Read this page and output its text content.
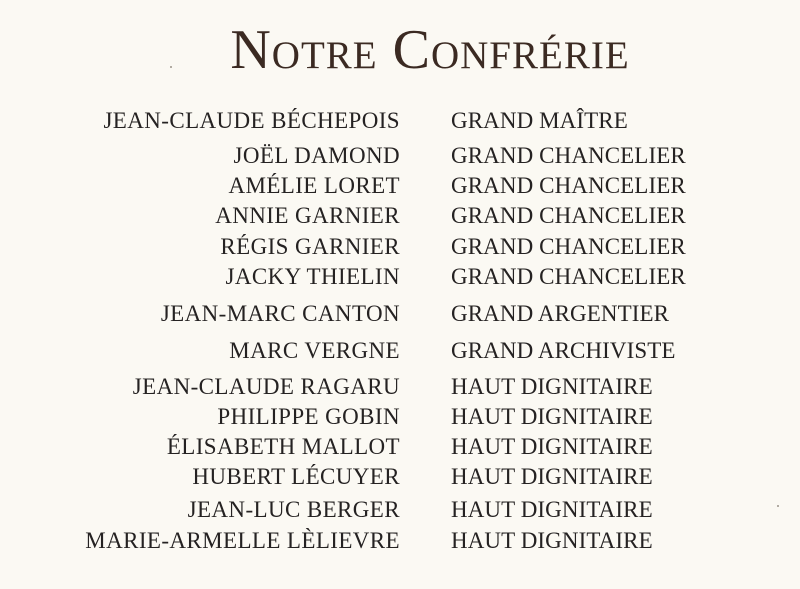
Notre Confrérie
JEAN-CLAUDE BÉCHEPOIS GRAND MAÎTRE
JOËL DAMOND GRAND CHANCELIER
AMÉLIE LORET GRAND CHANCELIER
ANNIE GARNIER GRAND CHANCELIER
RÉGIS GARNIER GRAND CHANCELIER
JACKY THIELIN GRAND CHANCELIER
JEAN-MARC CANTON GRAND ARGENTIER
MARC VERGNE GRAND ARCHIVISTE
JEAN-CLAUDE RAGARU HAUT DIGNITAIRE
PHILIPPE GOBIN HAUT DIGNITAIRE
ÉLISABETH MALLOT HAUT DIGNITAIRE
HUBERT LÉCUYER HAUT DIGNITAIRE
JEAN-LUC BERGER HAUT DIGNITAIRE
MARIE-ARMELLE LÈLIEVRE HAUT DIGNITAIRE
